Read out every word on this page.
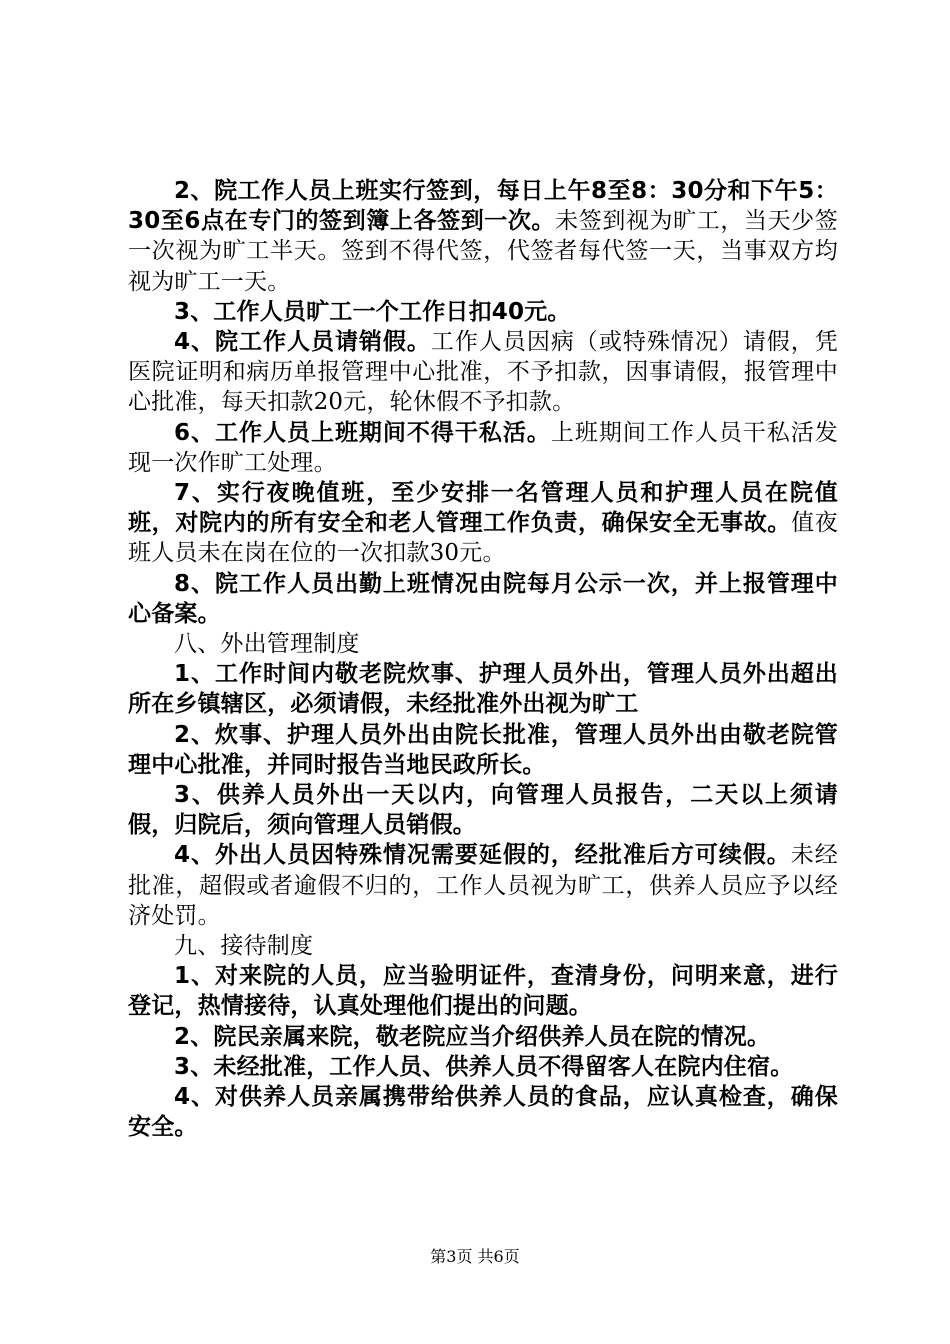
2、院工作人员上班实行签到，每日上午8至8：30分和下午5：30至6点在专门的签到簿上各签到一次。未签到视为旷工，当天少签一次视为旷工半天。签到不得代签，代签者每代签一天，当事双方均视为旷工一天。

3、工作人员旷工一个工作日扣40元。

4、院工作人员请销假。工作人员因病（或特殊情况）请假，凭医院证明和病历单报管理中心批准，不予扣款，因事请假，报管理中心批准，每天扣款20元，轮休假不予扣款。

6、工作人员上班期间不得干私活。上班期间工作人员干私活发现一次作旷工处理。

7、实行夜晚值班，至少安排一名管理人员和护理人员在院值班，对院内的所有安全和老人管理工作负责，确保安全无事故。值夜班人员未在岗在位的一次扣款30元。

8、院工作人员出勤上班情况由院每月公示一次，并上报管理中心备案。

八、外出管理制度

1、工作时间内敬老院炊事、护理人员外出，管理人员外出超出所在乡镇辖区，必须请假，未经批准外出视为旷工

2、炊事、护理人员外出由院长批准，管理人员外出由敬老院管理中心批准，并同时报告当地民政所长。

3、供养人员外出一天以内，向管理人员报告，二天以上须请假，归院后，须向管理人员销假。

4、外出人员因特殊情况需要延假的，经批准后方可续假。未经批准，超假或者逾假不归的，工作人员视为旷工，供养人员应予以经济处罚。

九、接待制度

1、对来院的人员，应当验明证件，查清身份，问明来意，进行登记，热情接待，认真处理他们提出的问题。

2、院民亲属来院，敬老院应当介绍供养人员在院的情况。

3、未经批准，工作人员、供养人员不得留客人在院内住宿。

4、对供养人员亲属携带给供养人员的食品，应认真检查，确保安全。

第3页 共6页
